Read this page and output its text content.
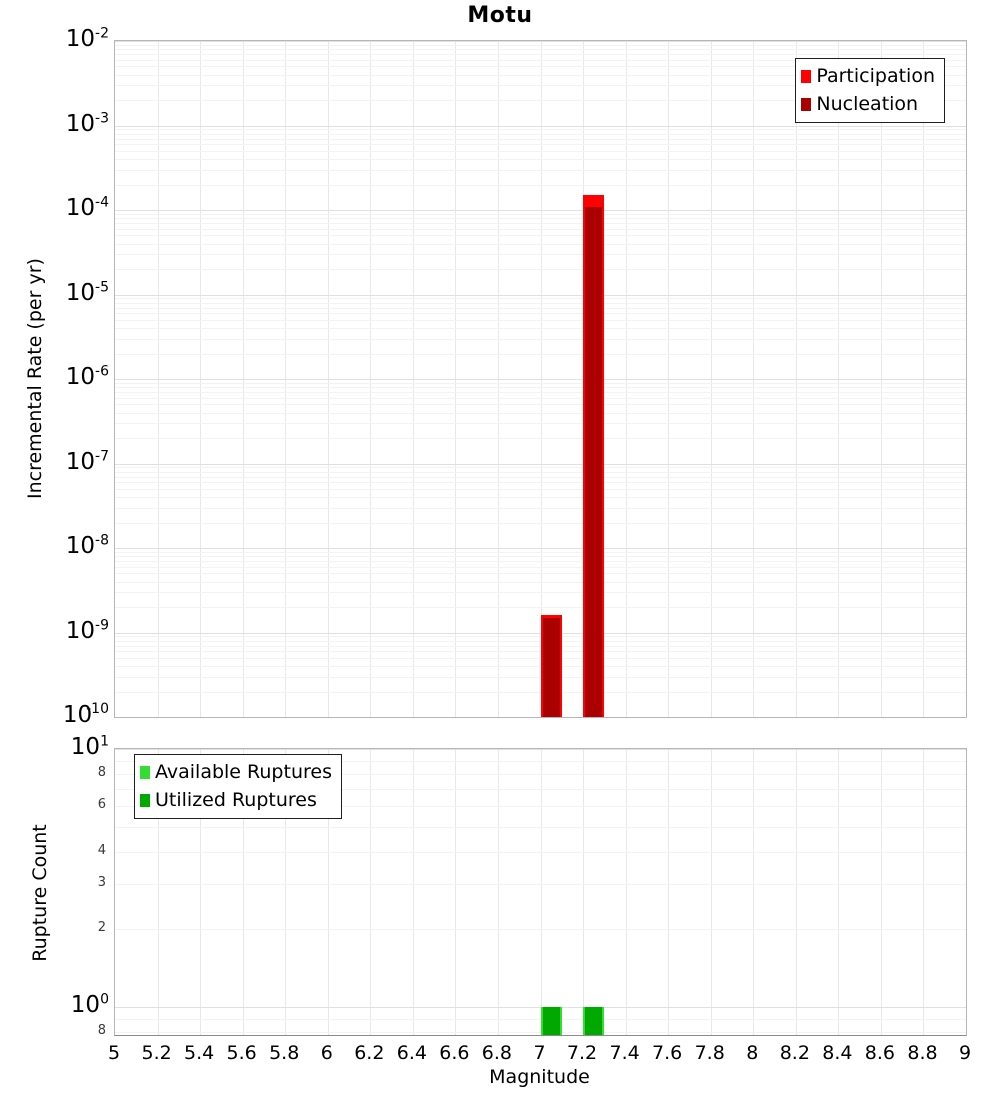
Motu
Incremental Rate (per yr)
Rupture Count
Participation
Nucleation
Available Ruptures
Utilized Ruptures
Magnitude
$10^{-2}$
$10^{-3}$
$10^{-4}$
$10^{-5}$
$10^{-6}$
$10^{-7}$
$10^{-8}$
$10^{-9}$
$10^{-10}$
$10^1$
$10^0$
8
6
4
3
2
8
5	5.2 5.4 5.6 5.8	6	6.2 6.4 6.6 6.8	7	7.2 7.4 7.6 7.8	8	8.2 8.4 8.6 8.8	9
